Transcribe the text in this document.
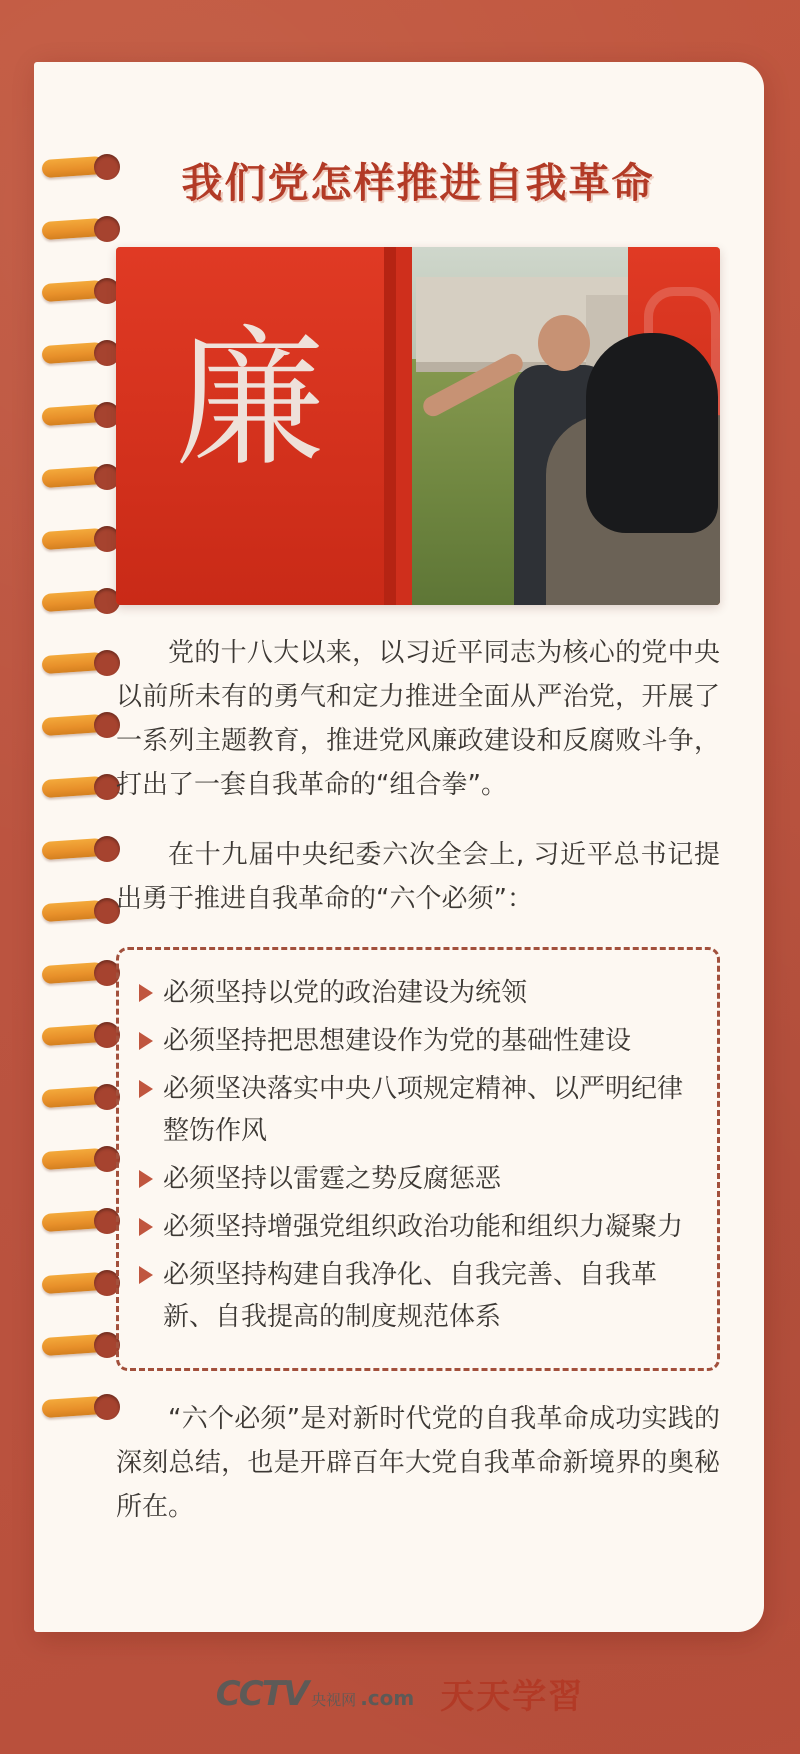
我们党怎样推进自我革命
廉

党的十八大以来，以习近平同志为核心的党中央以前所未有的勇气和定力推进全面从严治党，开展了一系列主题教育，推进党风廉政建设和反腐败斗争，打出了一套自我革命的“组合拳”。

在十九届中央纪委六次全会上, 习近平总书记提出勇于推进自我革命的“六个必须”：

必须坚持以党的政治建设为统领
必须坚持把思想建设作为党的基础性建设
必须坚决落实中央八项规定精神、以严明纪律整饬作风
必须坚持以雷霆之势反腐惩恶
必须坚持增强党组织政治功能和组织力凝聚力
必须坚持构建自我净化、自我完善、自我革新、自我提高的制度规范体系

“六个必须”是对新时代党的自我革命成功实践的深刻总结，也是开辟百年大党自我革命新境界的奥秘所在。

CCTV 央视网 .com 天天学習
